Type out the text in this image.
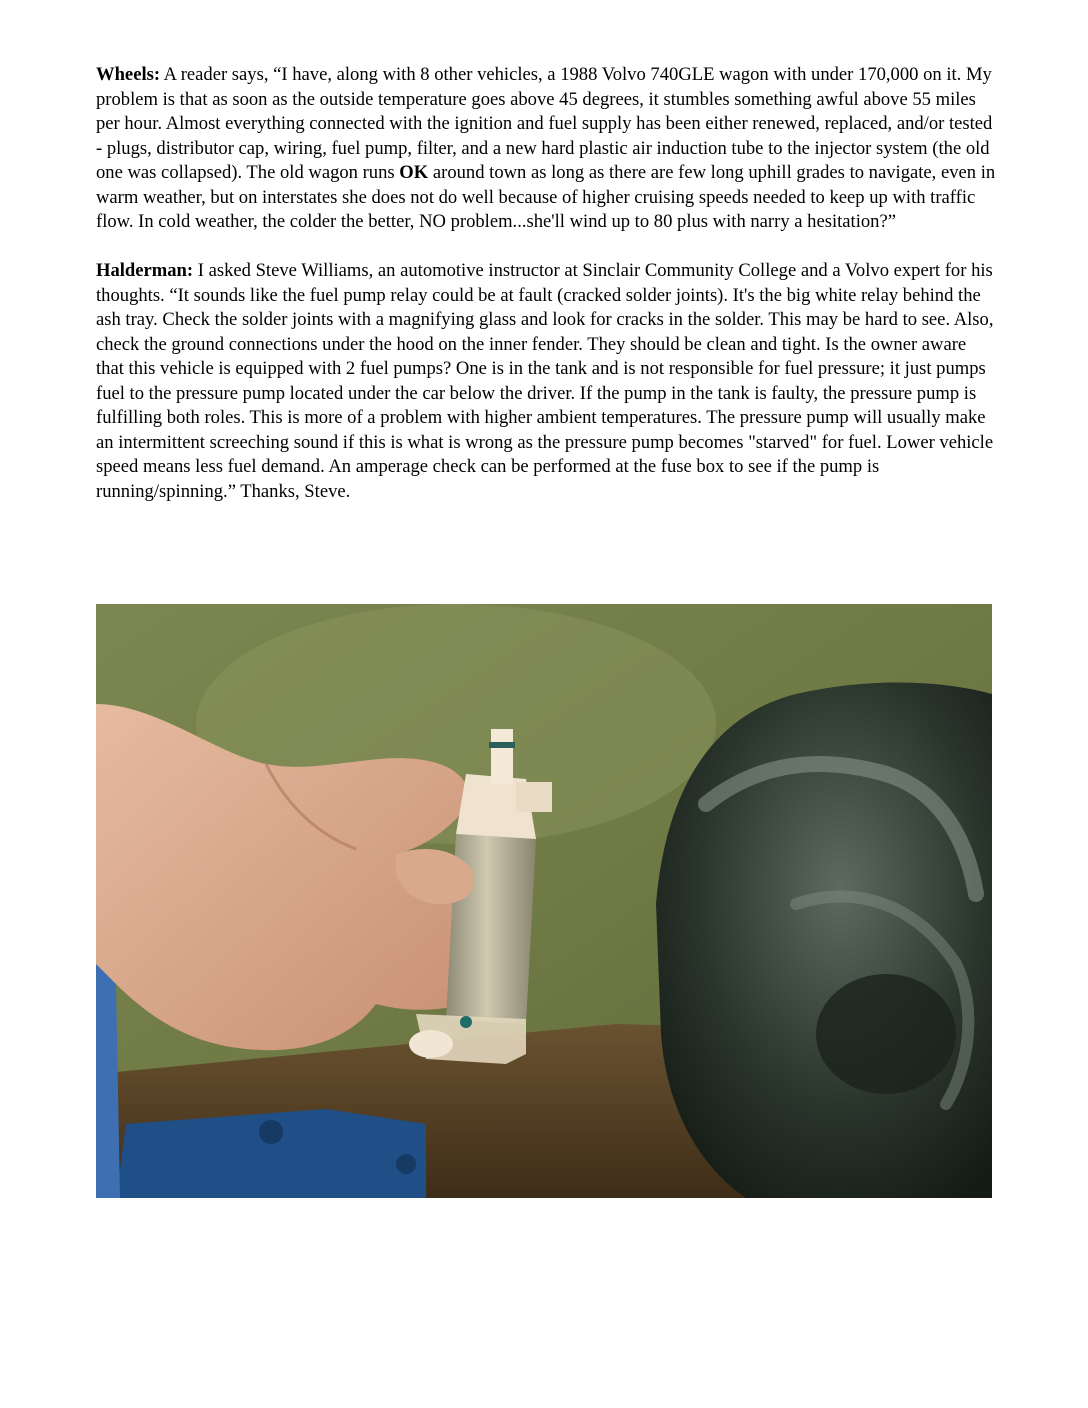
Wheels: A reader says, “I have, along with 8 other vehicles, a 1988 Volvo 740GLE wagon with under 170,000 on it. My problem is that as soon as the outside temperature goes above 45 degrees, it stumbles something awful above 55 miles per hour. Almost everything connected with the ignition and fuel supply has been either renewed, replaced, and/or tested - plugs, distributor cap, wiring, fuel pump, filter, and a new hard plastic air induction tube to the injector system (the old one was collapsed). The old wagon runs OK around town as long as there are few long uphill grades to navigate, even in warm weather, but on interstates she does not do well because of higher cruising speeds needed to keep up with traffic flow. In cold weather, the colder the better, NO problem...she'll wind up to 80 plus with narry a hesitation?”

Halderman: I asked Steve Williams, an automotive instructor at Sinclair Community College and a Volvo expert for his thoughts. “It sounds like the fuel pump relay could be at fault (cracked solder joints). It's the big white relay behind the ash tray. Check the solder joints with a magnifying glass and look for cracks in the solder. This may be hard to see. Also, check the ground connections under the hood on the inner fender. They should be clean and tight. Is the owner aware that this vehicle is equipped with 2 fuel pumps? One is in the tank and is not responsible for fuel pressure; it just pumps fuel to the pressure pump located under the car below the driver. If the pump in the tank is faulty, the pressure pump is fulfilling both roles. This is more of a problem with higher ambient temperatures. The pressure pump will usually make an intermittent screeching sound if this is what is wrong as the pressure pump becomes "starved" for fuel. Lower vehicle speed means less fuel demand. An amperage check can be performed at the fuse box to see if the pump is running/spinning.” Thanks, Steve.
